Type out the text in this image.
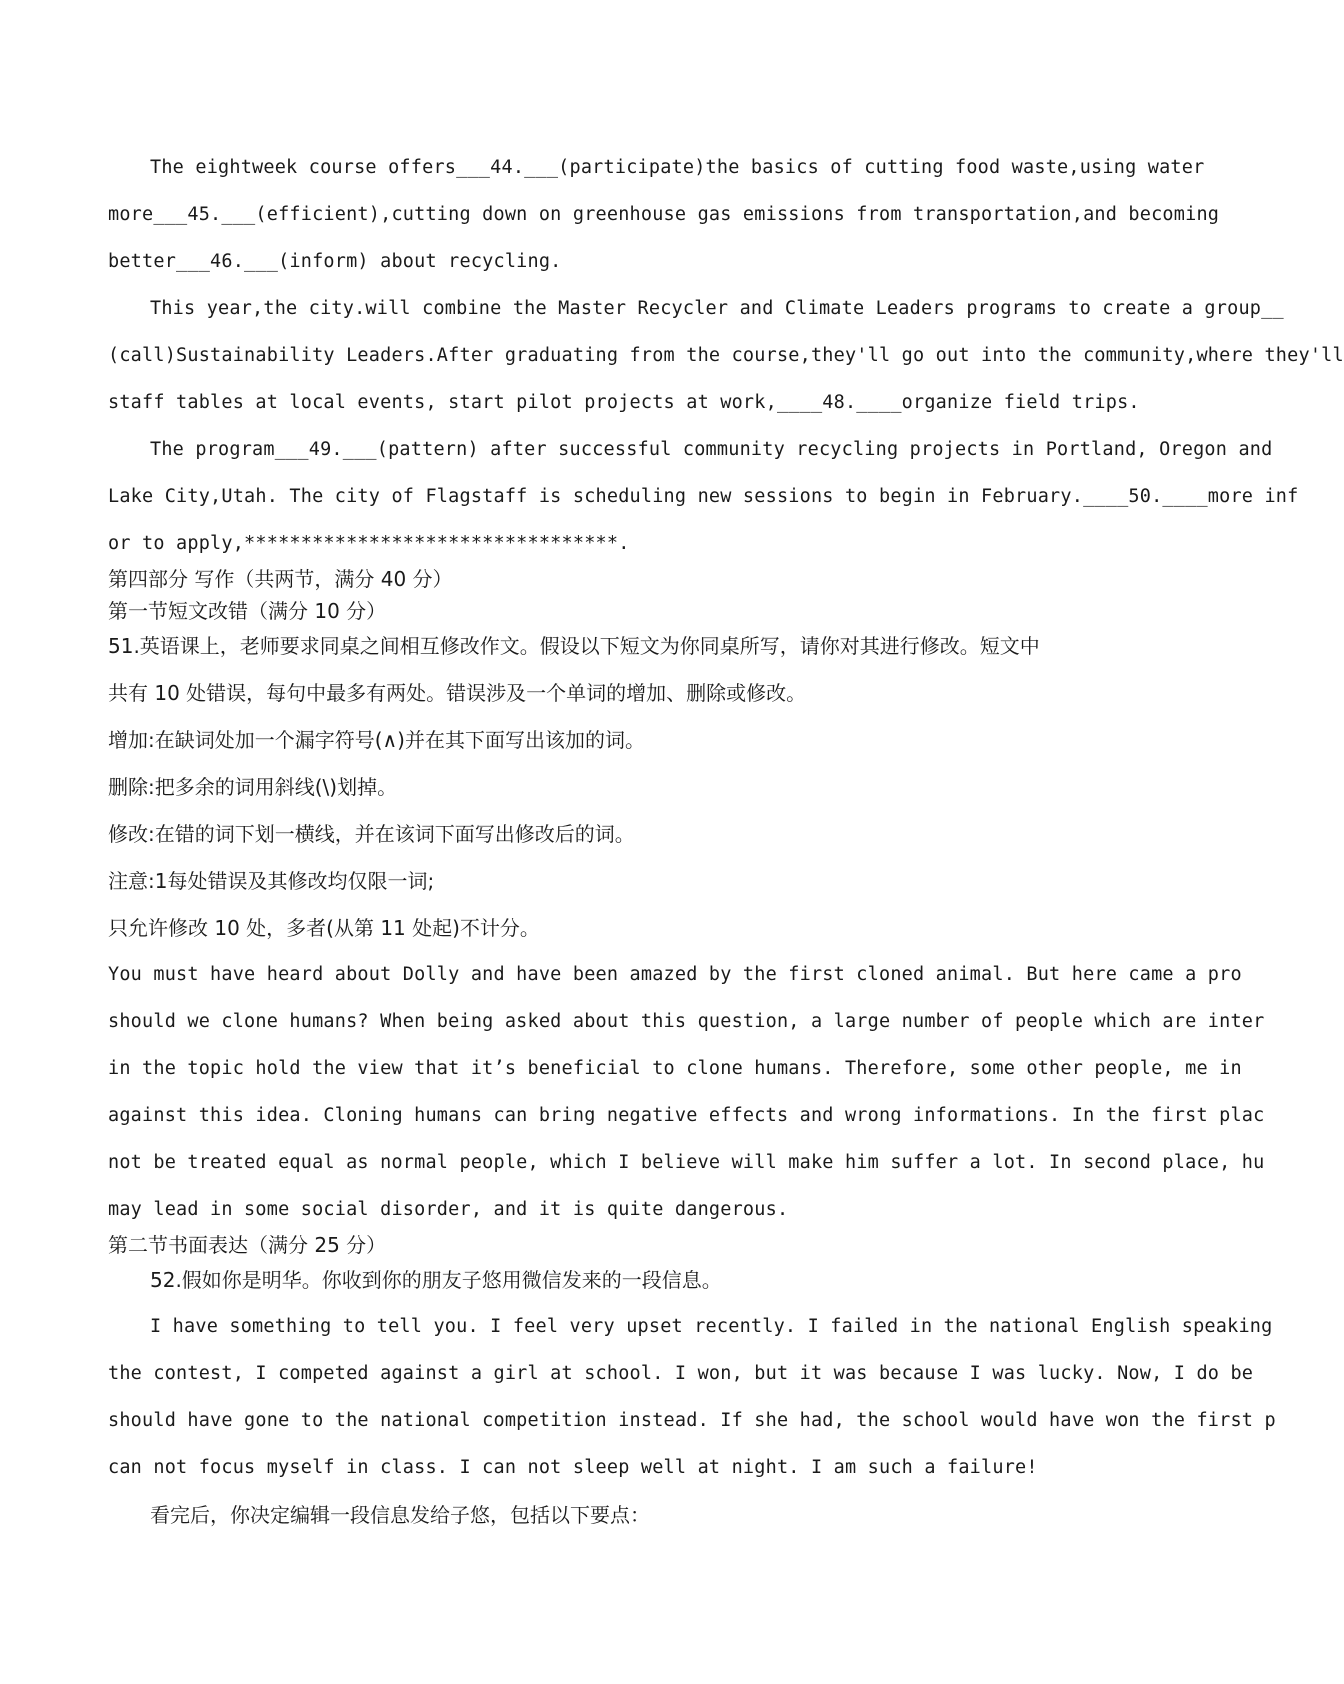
The eightweek course offers___44.___(participate)the basics of cutting food waste,using water
more___45.___(efficient),cutting down on greenhouse gas emissions from transportation,and becoming
better___46.___(inform) about recycling.
This year,the city.will combine the Master Recycler and Climate Leaders programs to create a group__
(call)Sustainability Leaders.After graduating from the course,they'll go out into the community,where they'll
staff tables at local events, start pilot projects at work,____48.____organize field trips.
The program___49.___(pattern) after successful community recycling projects in Portland, Oregon and
Lake City,Utah. The city of Flagstaff is scheduling new sessions to begin in February.____50.____more inf
or to apply,*********************************.
第四部分 写作（共两节，满分 40 分）
第一节短文改错（满分 10 分）
51.英语课上，老师要求同桌之间相互修改作文。假设以下短文为你同桌所写，请你对其进行修改。短文中
共有 10 处错误，每句中最多有两处。错误涉及一个单词的增加、删除或修改。
增加:在缺词处加一个漏字符号(∧)并在其下面写出该加的词。
删除:把多余的词用斜线(\)划掉。
修改:在错的词下划一横线，并在该词下面写出修改后的词。
注意:1每处错误及其修改均仅限一词;
只允许修改 10 处，多者(从第 11 处起)不计分。
You must have heard about Dolly and have been amazed by the first cloned animal. But here came a pro
should we clone humans? When being asked about this question, a large number of people which are inter
in the topic hold the view that it’s beneficial to clone humans. Therefore, some other people, me in
against this idea. Cloning humans can bring negative effects and wrong informations. In the first plac
not be treated equal as normal people, which I believe will make him suffer a lot. In second place, hu
may lead in some social disorder, and it is quite dangerous.
第二节书面表达（满分 25 分）
52.假如你是明华。你收到你的朋友子悠用微信发来的一段信息。
I have something to tell you. I feel very upset recently. I failed in the national English speaking
the contest, I competed against a girl at school. I won, but it was because I was lucky. Now, I do be
should have gone to the national competition instead. If she had, the school would have won the first p
can not focus myself in class. I can not sleep well at night. I am such a failure!
看完后，你决定编辑一段信息发给子悠，包括以下要点：
